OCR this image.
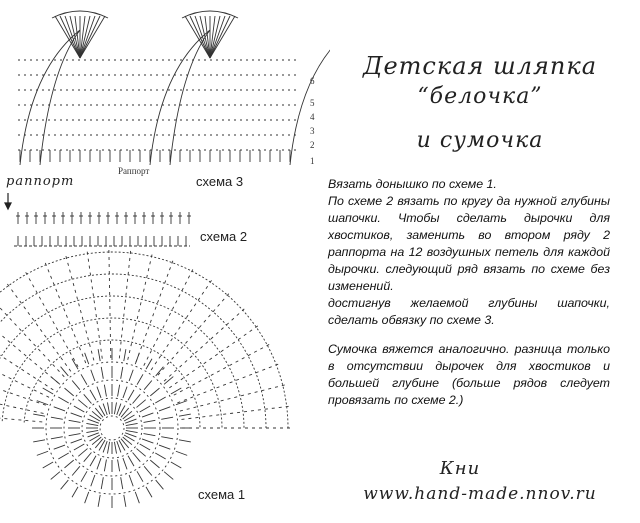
Раппорт
раппорт
6
5
4
3
2
1
схема 3
схема 2
схема 1
Детская шляпка
“белочка”
и сумочка

Вязать донышко по схеме 1.

По схеме 2 вязать по кругу да нужной глубины шапочки. Чтобы сделать дырочки для хвостиков, заменить во втором ряду 2 раппорта на 12 воздушных петель для каждой дырочки. следующий ряд вязать по схеме без изменений.

достигнув желаемой глубины шапочки, сделать обвязку по схеме 3.

Сумочка вяжется аналогично. разница только в отсутствии дырочек для хвостиков и большей глубине (больше рядов следует провязать по схеме 2.)

Кни
www.hand-made.nnov.ru
